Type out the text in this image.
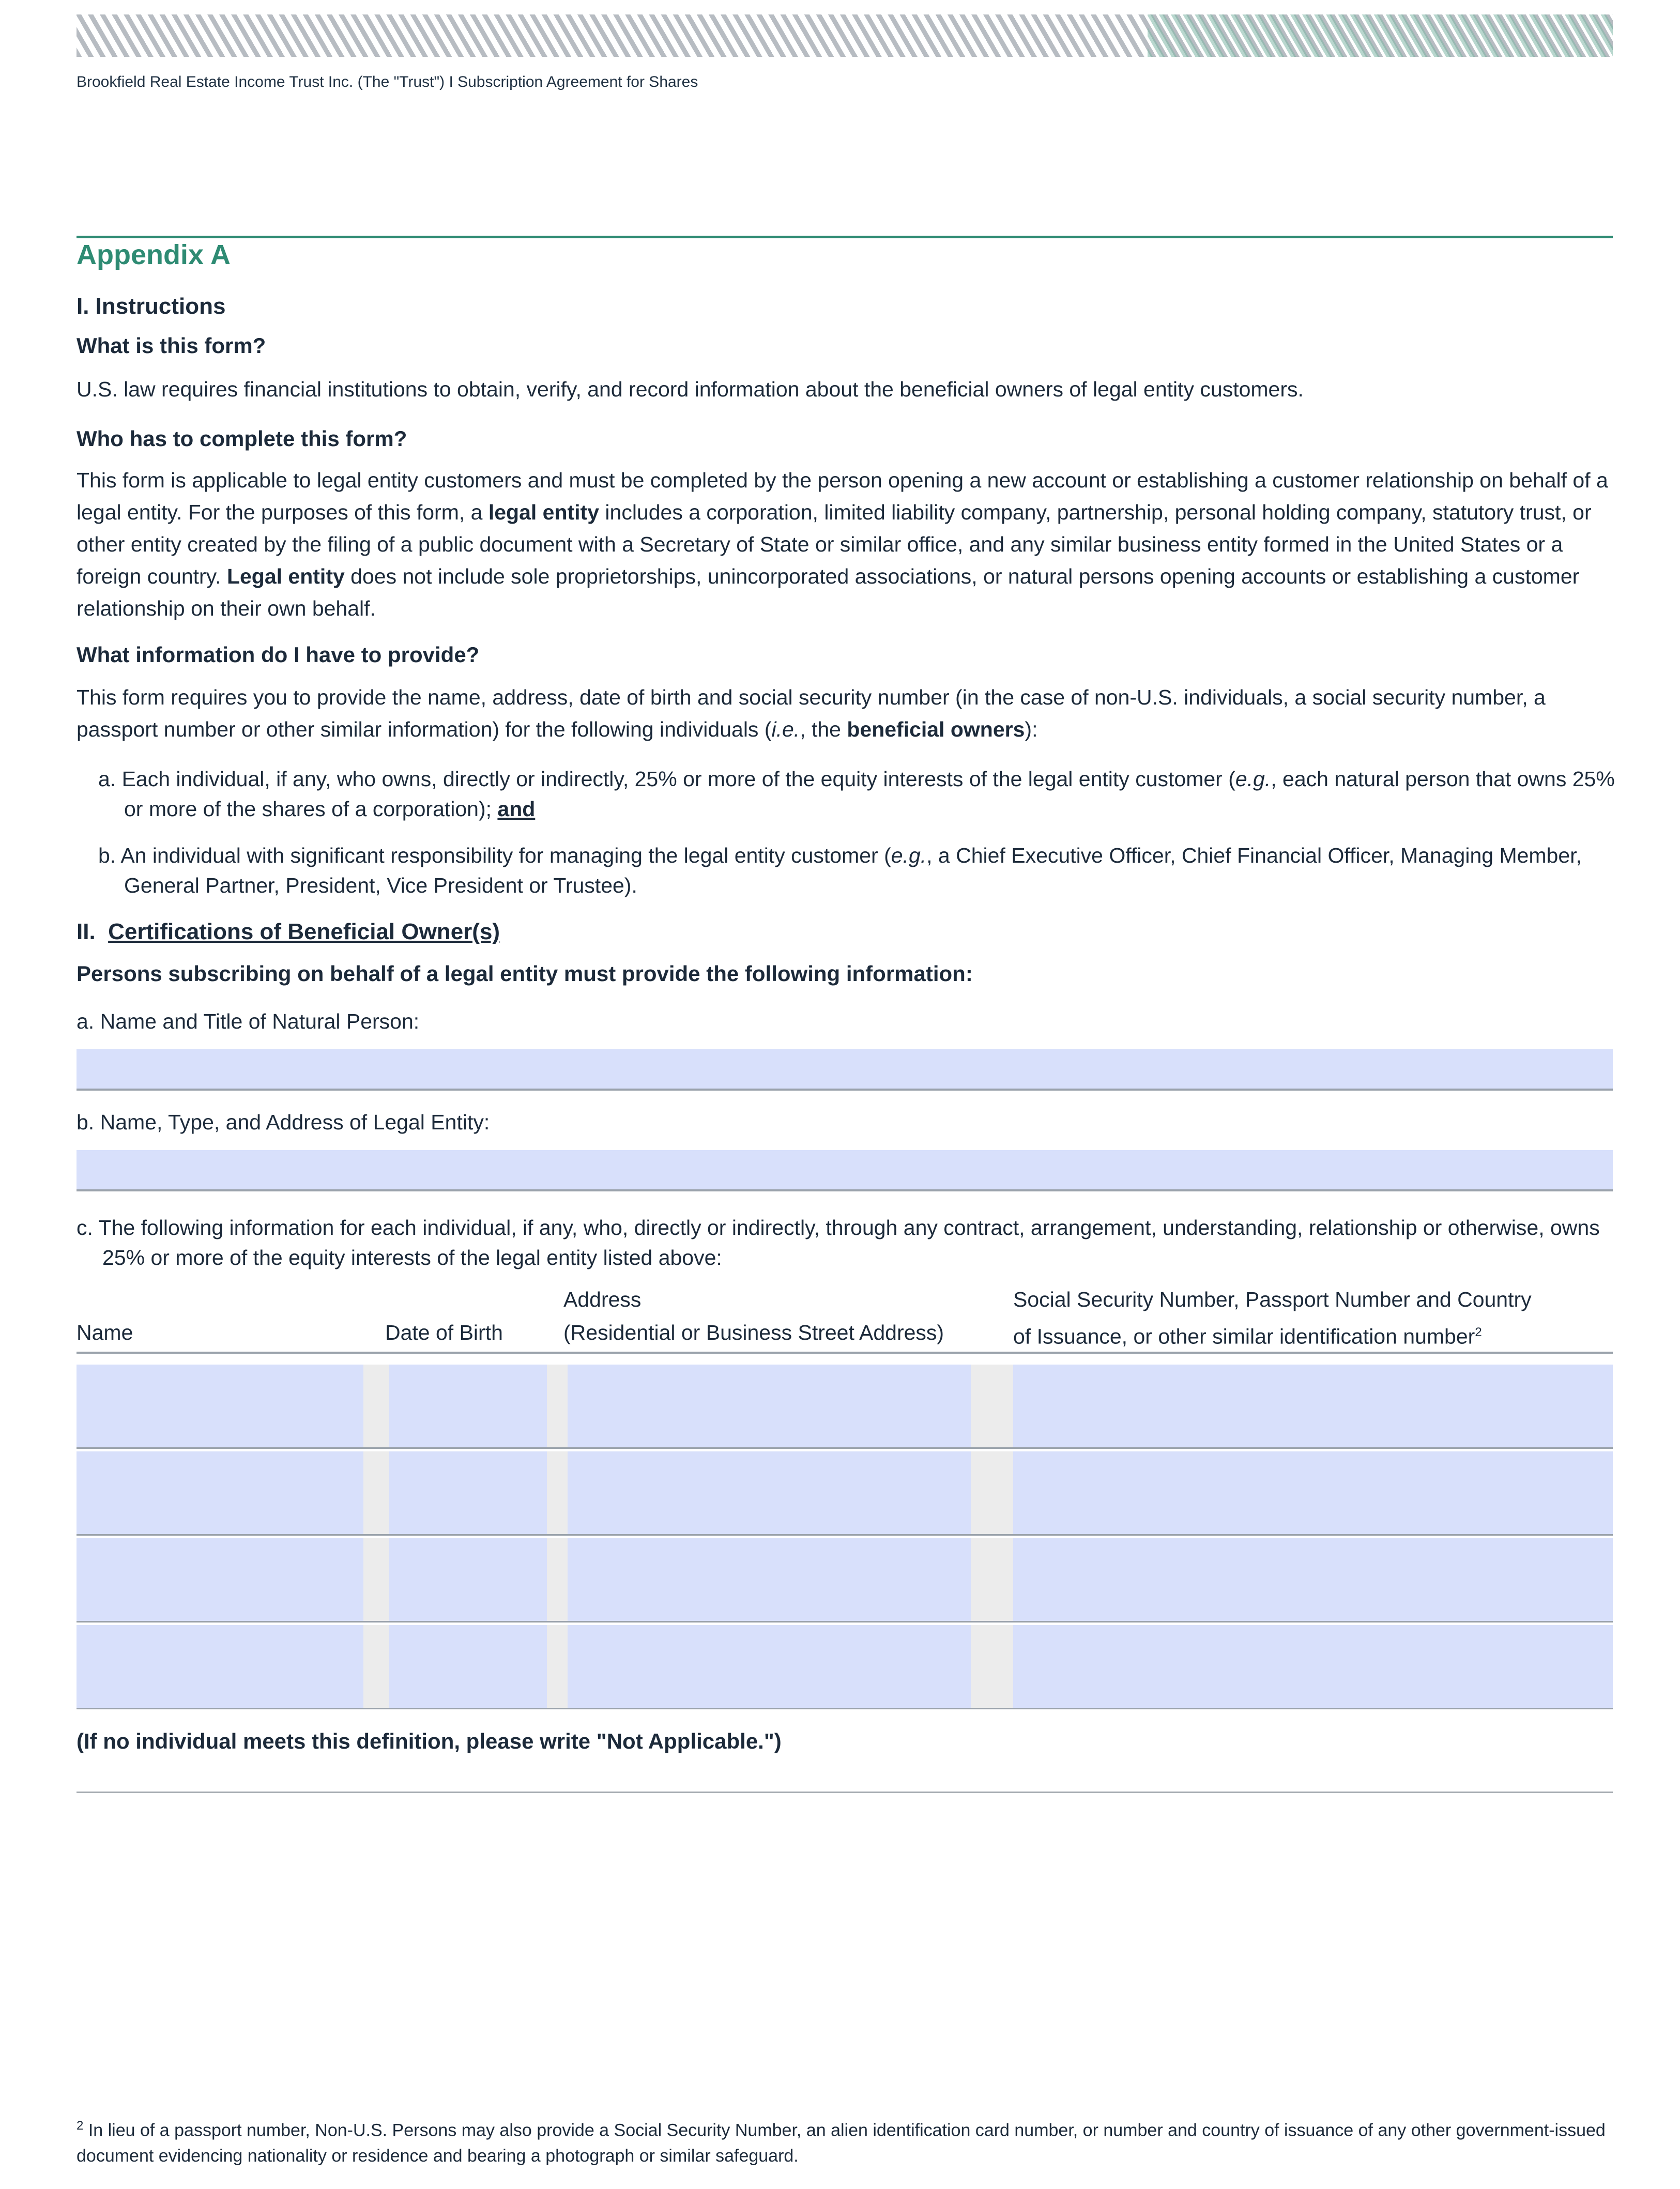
Brookfield Real Estate Income Trust Inc. (The "Trust") I Subscription Agreement for Shares
Appendix A
I. Instructions
What is this form?
U.S. law requires financial institutions to obtain, verify, and record information about the beneficial owners of legal entity customers.
Who has to complete this form?
This form is applicable to legal entity customers and must be completed by the person opening a new account or establishing a customer relationship on behalf of a legal entity. For the purposes of this form, a legal entity includes a corporation, limited liability company, partnership, personal holding company, statutory trust, or other entity created by the filing of a public document with a Secretary of State or similar office, and any similar business entity formed in the United States or a foreign country. Legal entity does not include sole proprietorships, unincorporated associations, or natural persons opening accounts or establishing a customer relationship on their own behalf.
What information do I have to provide?
This form requires you to provide the name, address, date of birth and social security number (in the case of non-U.S. individuals, a social security number, a passport number or other similar information) for the following individuals (i.e., the beneficial owners):
a. Each individual, if any, who owns, directly or indirectly, 25% or more of the equity interests of the legal entity customer (e.g., each natural person that owns 25% or more of the shares of a corporation); and
b. An individual with significant responsibility for managing the legal entity customer (e.g., a Chief Executive Officer, Chief Financial Officer, Managing Member, General Partner, President, Vice President or Trustee).
II. Certifications of Beneficial Owner(s)
Persons subscribing on behalf of a legal entity must provide the following information:
a. Name and Title of Natural Person:
b. Name, Type, and Address of Legal Entity:
c. The following information for each individual, if any, who, directly or indirectly, through any contract, arrangement, understanding, relationship or otherwise, owns 25% or more of the equity interests of the legal entity listed above:
Name	Date of Birth
Address
(Residential or Business Street Address)
Social Security Number, Passport Number and Country
of Issuance, or other similar identification number$^2$
(If no individual meets this definition, please write "Not Applicable.")
$^2$ In lieu of a passport number, Non-U.S. Persons may also provide a Social Security Number, an alien identification card number, or number and country of issuance of any other government-issued document evidencing nationality or residence and bearing a photograph or similar safeguard.
